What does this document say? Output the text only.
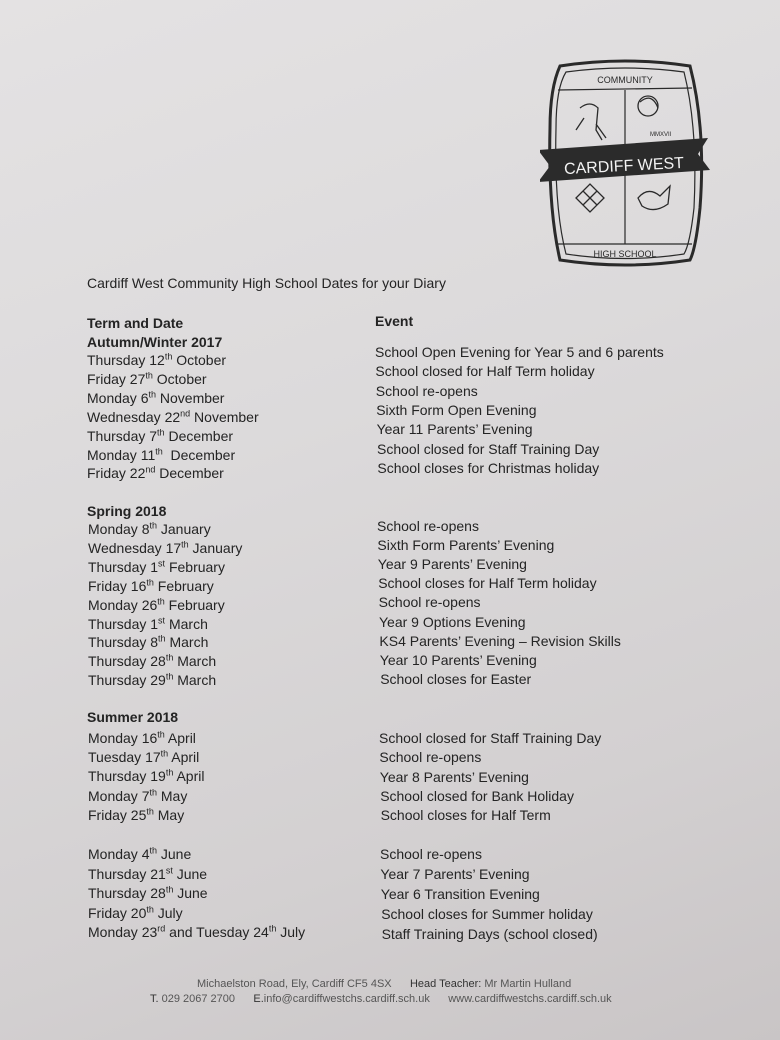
COMMUNITY
MMXVII
CARDIFF WEST
HIGH SCHOOL
Cardiff West Community High School Dates for your Diary
Term and Date	Event
Autumn/Winter 2017
Thursday 12th October	School Open Evening for Year 5 and 6 parents
Friday 27th October	School closed for Half Term holiday
Monday 6th November	School re-opens
Wednesday 22nd November	Sixth Form Open Evening
Thursday 7th December	Year 11 Parents’ Evening
Monday 11th  December	School closed for Staff Training Day
Friday 22nd December	School closes for Christmas holiday
Spring 2018
Monday 8th January	School re-opens
Wednesday 17th January	Sixth Form Parents’ Evening
Thursday 1st February	Year 9 Parents’ Evening
Friday 16th February	School closes for Half Term holiday
Monday 26th February	School re-opens
Thursday 1st March	Year 9 Options Evening
Thursday 8th March	KS4 Parents’ Evening – Revision Skills
Thursday 28th March	Year 10 Parents’ Evening
Thursday 29th March	School closes for Easter
Summer 2018
Monday 16th April	School closed for Staff Training Day
Tuesday 17th April	School re-opens
Thursday 19th April	Year 8 Parents’ Evening
Monday 7th May	School closed for Bank Holiday
Friday 25th May	School closes for Half Term
Monday 4th June	School re-opens
Thursday 21st June	Year 7 Parents’ Evening
Thursday 28th June	Year 6 Transition Evening
Friday 20th July	School closes for Summer holiday
Monday 23rd and Tuesday 24th July	Staff Training Days (school closed)
Michaelston Road, Ely, Cardiff CF5 4SX Head Teacher: Mr Martin Hulland
T. 029 2067 2700 E.info@cardiffwestchs.cardiff.sch.uk www.cardiffwestchs.cardiff.sch.uk
